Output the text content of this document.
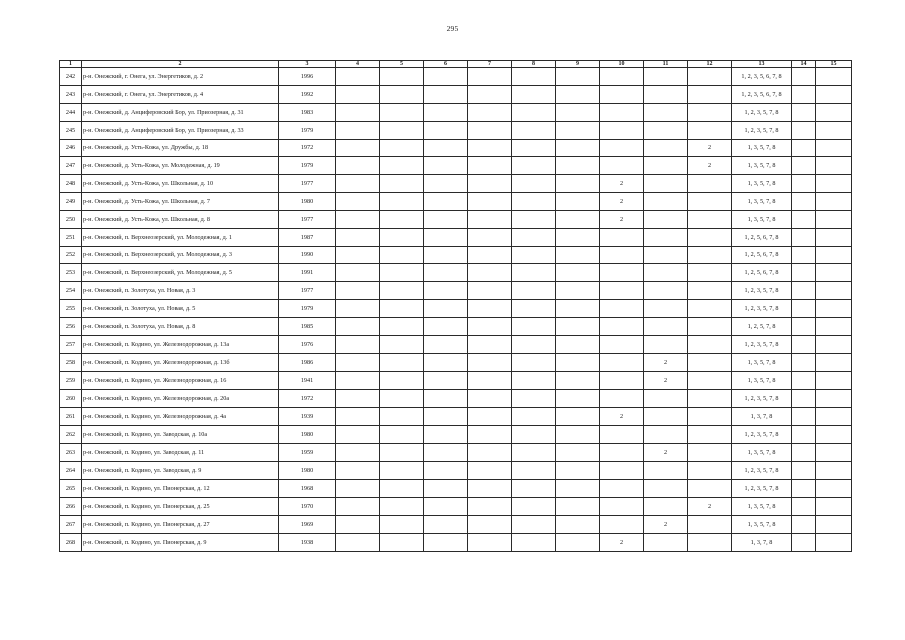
295
1	2	3	4	5	6	7	8	9	10	11	12	13	14	15
242	р-н. Онежский, г. Онега, ул. Энергетиков, д. 2	1996										1, 2, 3, 5, 6, 7, 8		
243	р-н. Онежский, г. Онега, ул. Энергетиков, д. 4	1992										1, 2, 3, 5, 6, 7, 8		
244	р-н. Онежский, д. Анциферовский Бор, ул. Приозерная, д. 31	1983										1, 2, 3, 5, 7, 8		
245	р-н. Онежский, д. Анциферовский Бор, ул. Приозерная, д. 33	1979										1, 2, 3, 5, 7, 8		
246	р-н. Онежский, д. Усть-Кожа, ул. Дружбы, д. 18	1972									2	1, 3, 5, 7, 8		
247	р-н. Онежский, д. Усть-Кожа, ул. Молодежная, д. 19	1979									2	1, 3, 5, 7, 8		
248	р-н. Онежский, д. Усть-Кожа, ул. Школьная, д. 10	1977							2			1, 3, 5, 7, 8		
249	р-н. Онежский, д. Усть-Кожа, ул. Школьная, д. 7	1980							2			1, 3, 5, 7, 8		
250	р-н. Онежский, д. Усть-Кожа, ул. Школьная, д. 8	1977							2			1, 3, 5, 7, 8		
251	р-н. Онежский, п. Верхнеозерский, ул. Молодежная, д. 1	1987										1, 2, 5, 6, 7, 8		
252	р-н. Онежский, п. Верхнеозерский, ул. Молодежная, д. 3	1990										1, 2, 5, 6, 7, 8		
253	р-н. Онежский, п. Верхнеозерский, ул. Молодежная, д. 5	1991										1, 2, 5, 6, 7, 8		
254	р-н. Онежский, п. Золотуха, ул. Новая, д. 3	1977										1, 2, 3, 5, 7, 8		
255	р-н. Онежский, п. Золотуха, ул. Новая, д. 5	1979										1, 2, 3, 5, 7, 8		
256	р-н. Онежский, п. Золотуха, ул. Новая, д. 8	1985										1, 2, 5, 7, 8		
257	р-н. Онежский, п. Кодино, ул. Железнодорожная, д. 13а	1976										1, 2, 3, 5, 7, 8		
258	р-н. Онежский, п. Кодино, ул. Железнодорожная, д. 13б	1986								2		1, 3, 5, 7, 8		
259	р-н. Онежский, п. Кодино, ул. Железнодорожная, д. 16	1941								2		1, 3, 5, 7, 8		
260	р-н. Онежский, п. Кодино, ул. Железнодорожная, д. 20а	1972										1, 2, 3, 5, 7, 8		
261	р-н. Онежский, п. Кодино, ул. Железнодорожная, д. 4а	1939							2			1, 3, 7, 8		
262	р-н. Онежский, п. Кодино, ул. Заводская, д. 10а	1980										1, 2, 3, 5, 7, 8		
263	р-н. Онежский, п. Кодино, ул. Заводская, д. 11	1959								2		1, 3, 5, 7, 8		
264	р-н. Онежский, п. Кодино, ул. Заводская, д. 9	1980										1, 2, 3, 5, 7, 8		
265	р-н. Онежский, п. Кодино, ул. Пионерская, д. 12	1968										1, 2, 3, 5, 7, 8		
266	р-н. Онежский, п. Кодино, ул. Пионерская, д. 25	1970									2	1, 3, 5, 7, 8		
267	р-н. Онежский, п. Кодино, ул. Пионерская, д. 27	1969								2		1, 3, 5, 7, 8		
268	р-н. Онежский, п. Кодино, ул. Пионерская, д. 9	1938							2			1, 3, 7, 8		
